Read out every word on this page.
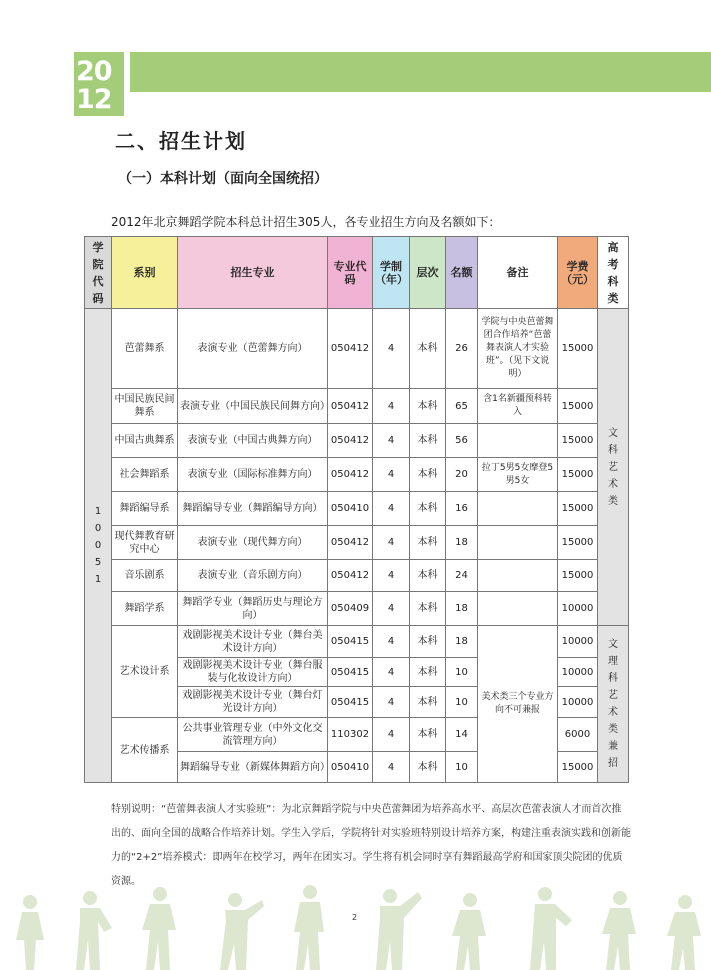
20
12
二、招生计划
（一）本科计划（面向全国统招）
2012年北京舞蹈学院本科总计招生305人，各专业招生方向及名额如下：
学院代码	系别	招生专业	专业代码	学制（年）	层次	名额	备注	学费（元）	高考科类
10051	芭蕾舞系	表演专业（芭蕾舞方向）	050412	4	本科	26	学院与中央芭蕾舞团合作培养“芭蕾舞表演人才实验班”。（见下文说明）	15000	文科艺术类
	中国民族民间舞系	表演专业（中国民族民间舞方向）	050412	4	本科	65	含1名新疆预科转入	15000	
	中国古典舞系	表演专业（中国古典舞方向）	050412	4	本科	56		15000	
	社会舞蹈系	表演专业（国际标准舞方向）	050412	4	本科	20	拉丁5男5女摩登5男5女	15000	
	舞蹈编导系	舞蹈编导专业（舞蹈编导方向）	050410	4	本科	16		15000	
	现代舞教育研究中心	表演专业（现代舞方向）	050412	4	本科	18		15000	
	音乐剧系	表演专业（音乐剧方向）	050412	4	本科	24		15000	
	舞蹈学系	舞蹈学专业（舞蹈历史与理论方向）	050409	4	本科	18		10000	
	艺术设计系	戏剧影视美术设计专业（舞台美术设计方向）	050415	4	本科	18	美术类三个专业方向不可兼报	10000	文理科艺术类兼招
		戏剧影视美术设计专业（舞台服装与化妆设计方向）	050415	4	本科	10		10000	
		戏剧影视美术设计专业（舞台灯光设计方向）	050415	4	本科	10		10000	
	艺术传播系	公共事业管理专业（中外文化交流管理方向）	110302	4	本科	14		6000	
		舞蹈编导专业（新媒体舞蹈方向）	050410	4	本科	10		15000	

特别说明：“芭蕾舞表演人才实验班”：为北京舞蹈学院与中央芭蕾舞团为培养高水平、高层次芭蕾表演人才而首次推出的、面向全国的战略合作培养计划。学生入学后，学院将针对实验班特别设计培养方案，构建注重表演实践和创新能力的“2+2”培养模式：即两年在校学习，两年在团实习。学生将有机会同时享有舞蹈最高学府和国家顶尖院团的优质资源。

2
